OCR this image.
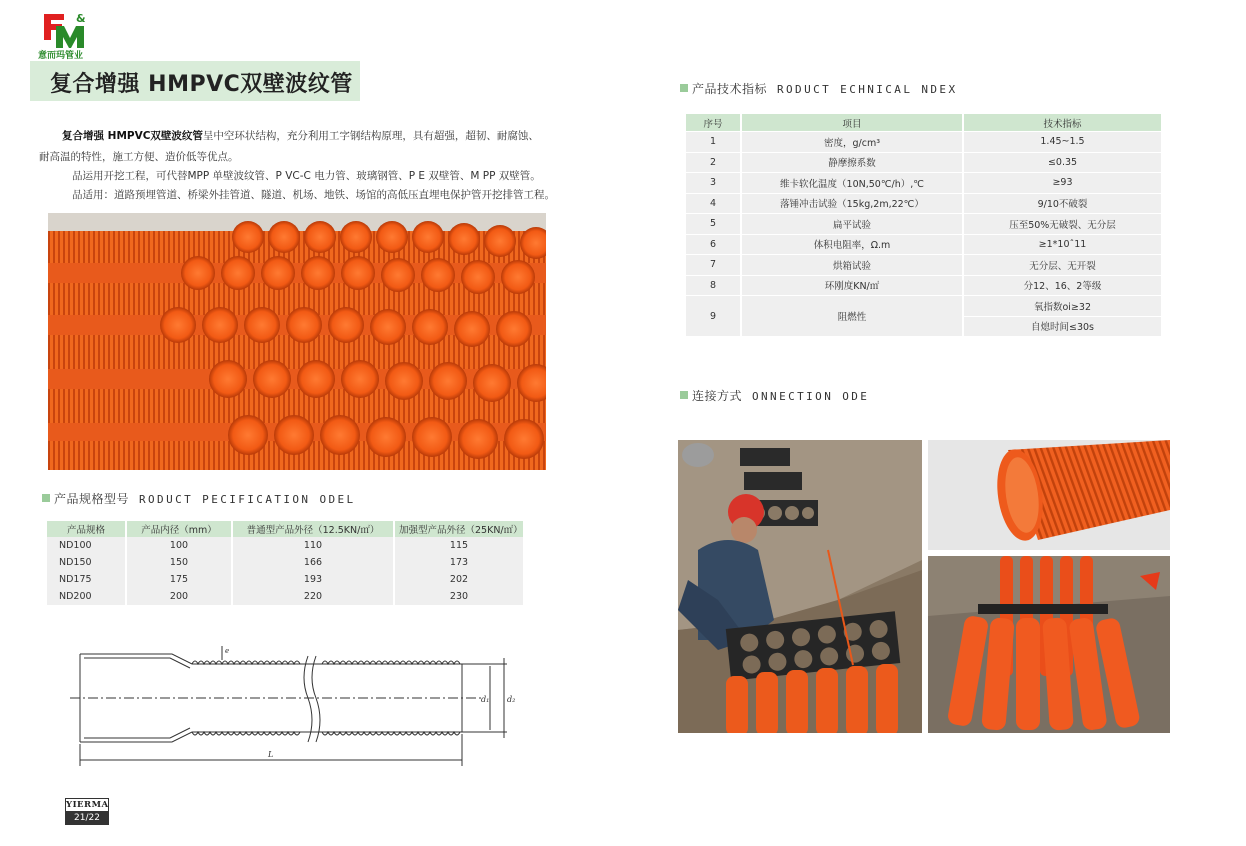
&
意而玛管业
复合增强 HMPVC双壁波纹管
复合增强 HMPVC双壁波纹管呈中空环状结构，充分利用工字钢结构原理，具有超强，超韧、耐腐蚀、
耐高温的特性，施工方便、造价低等优点。
品运用开挖工程，可代替MPP 单壁波纹管、P VC-C 电力管、玻璃钢管、P E 双壁管、M PP 双壁管。
品适用：道路预埋管道、桥梁外挂管道、隧道、机场、地铁、场馆的高低压直埋电保护管开挖排管工程。
产品规格型号 RODUCT PECIFICATION ODEL
产品规格	产品内径（mm）	普通型产品外径（12.5KN/㎡）	加强型产品外径（25KN/㎡）
ND100	100	110	115
ND150	150	166	173
ND175	175	193	202
ND200	200	220	230
d₁ d₂
L
e
YIERMA
21/22
产品技术指标 RODUCT ECHNICAL NDEX
序号	项目	技术指标
1	密度，g/cm³	1.45~1.5
2	静摩擦系数	≤0.35
3	维卡软化温度（10N,50℃/h）,℃	≥93
4	落锤冲击试验（15kg,2m,22℃）	9/10不破裂
5	扁平试验	压至50%无破裂、无分层
6	体积电阻率，Ω.m	≥1*10ˆ11
7	烘箱试验	无分层、无开裂
8	环刚度KN/㎡	分12、16、2等级
9	阻燃性	氧指数oi≥32
		自熄时间≤30s
连接方式 ONNECTION ODE
